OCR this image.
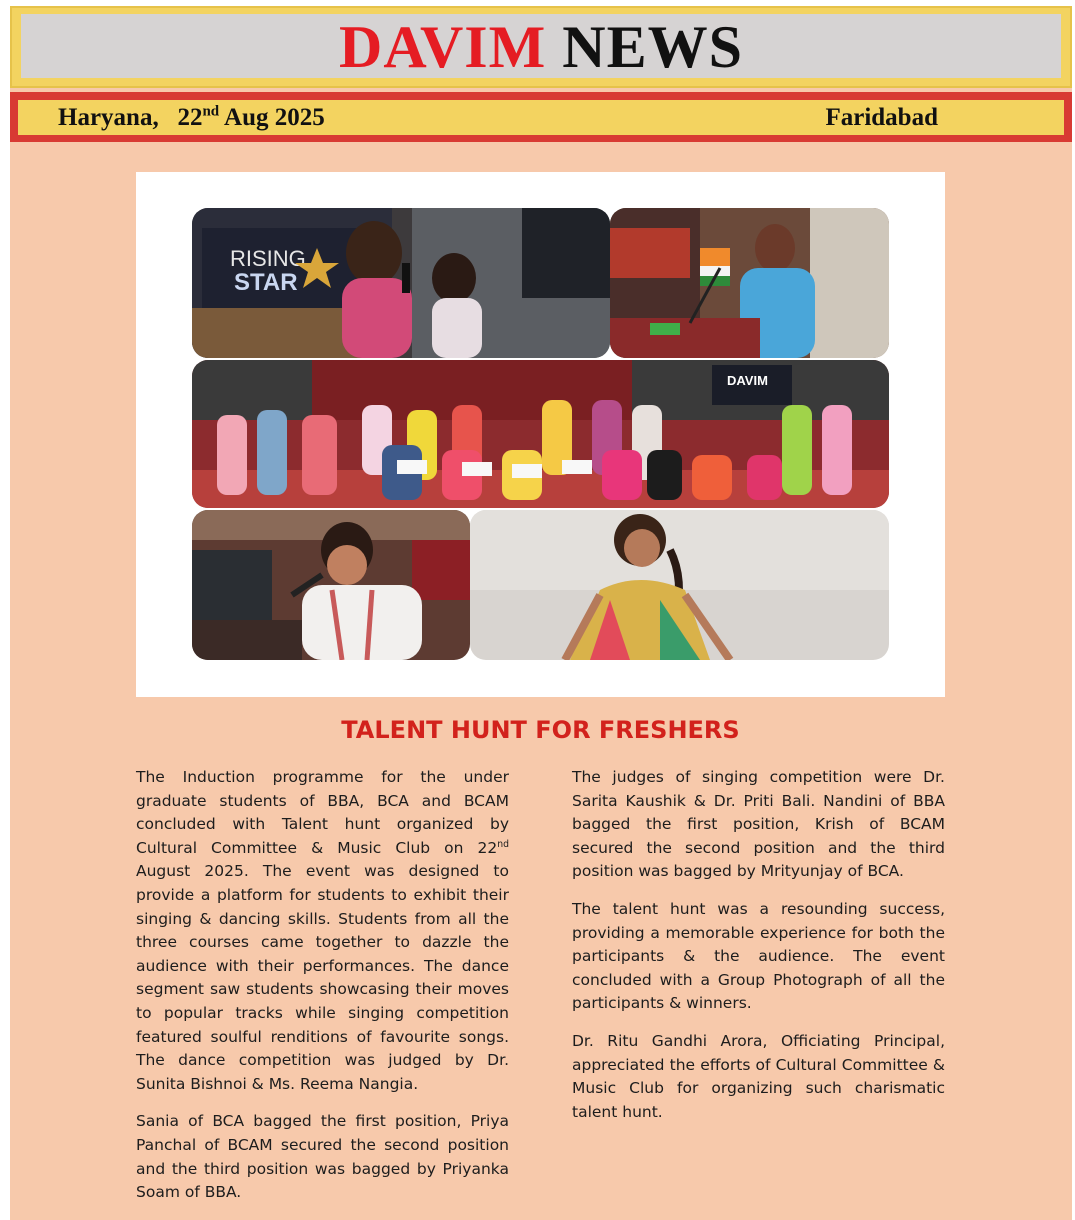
DAVIM NEWS
Haryana, 22nd Aug 2025	Faridabad
RISING
STAR
DAVIM
TALENT HUNT FOR FRESHERS

The Induction programme for the under graduate students of BBA, BCA and BCAM concluded with Talent hunt organized by Cultural Committee & Music Club on 22nd August 2025. The event was designed to provide a platform for students to exhibit their singing & dancing skills. Students from all the three courses came together to dazzle the audience with their performances. The dance segment saw students showcasing their moves to popular tracks while singing competition featured soulful renditions of favourite songs. The dance competition was judged by Dr. Sunita Bishnoi & Ms. Reema Nangia.

Sania of BCA bagged the first position, Priya Panchal of BCAM secured the second position and the third position was bagged by Priyanka Soam of BBA.

The judges of singing competition were Dr. Sarita Kaushik & Dr. Priti Bali. Nandini of BBA bagged the first position, Krish of BCAM secured the second position and the third position was bagged by Mrityunjay of BCA.

The talent hunt was a resounding success, providing a memorable experience for both the participants & the audience. The event concluded with a Group Photograph of all the participants & winners.

Dr. Ritu Gandhi Arora, Officiating Principal, appreciated the efforts of Cultural Committee & Music Club for organizing such charismatic talent hunt.
